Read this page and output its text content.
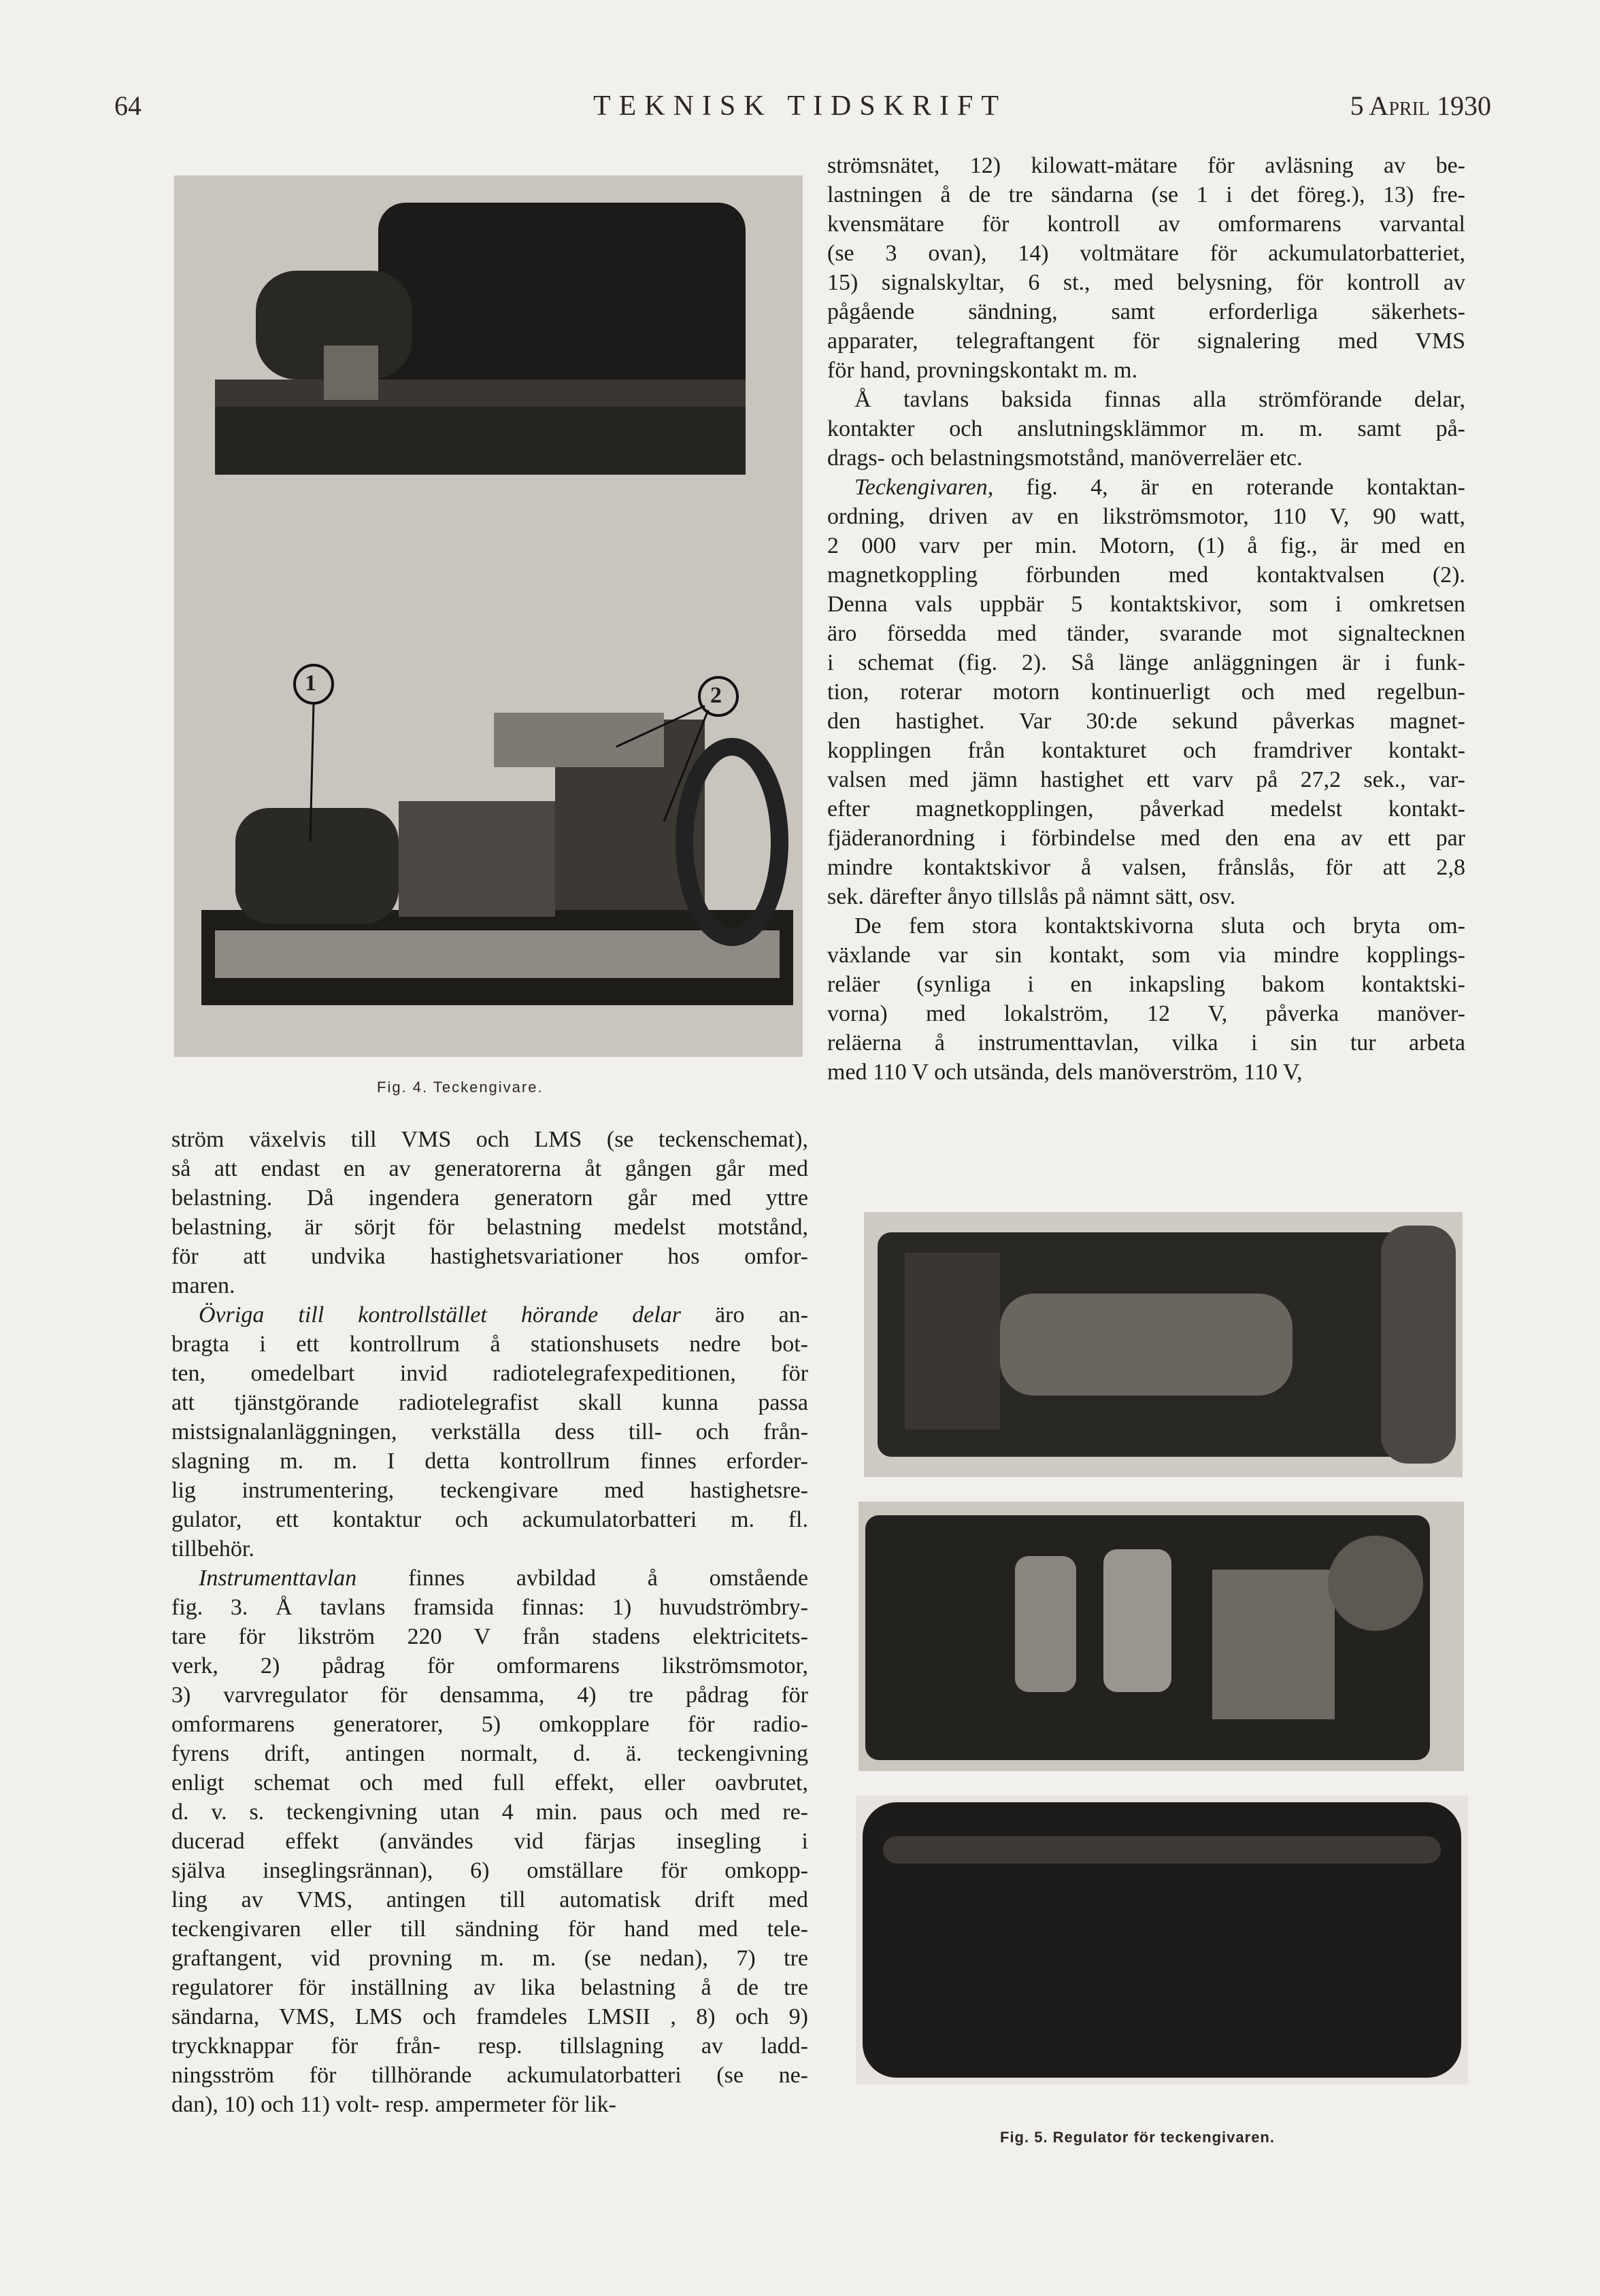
64	TEKNISK TIDSKRIFT	5 April 1930
1	2
Fig. 4. Teckengivare.
Fig. 5. Regulator för teckengivaren.
ström växelvis till VMS och LMS (se teckenschemat),
så att endast en av generatorerna åt gången går med
belastning. Då ingendera generatorn går med yttre
belastning, är sörjt för belastning medelst motstånd,
för att undvika hastighetsvariationer hos omfor-
maren.
Övriga till kontrollstället hörande delar äro an-
bragta i ett kontrollrum å stationshusets nedre bot-
ten, omedelbart invid radiotelegrafexpeditionen, för
att tjänstgörande radiotelegrafist skall kunna passa
mistsignalanläggningen, verkställa dess till- och från-
slagning m. m. I detta kontrollrum finnes erforder-
lig instrumentering, teckengivare med hastighetsre-
gulator, ett kontaktur och ackumulatorbatteri m. fl.
tillbehör.
Instrumenttavlan finnes avbildad å omstående
fig. 3. Å tavlans framsida finnas: 1) huvudströmbry-
tare för likström 220 V från stadens elektricitets-
verk, 2) pådrag för omformarens likströmsmotor,
3) varvregulator för densamma, 4) tre pådrag för
omformarens generatorer, 5) omkopplare för radio-
fyrens drift, antingen normalt, d. ä. teckengivning
enligt schemat och med full effekt, eller oavbrutet,
d. v. s. teckengivning utan 4 min. paus och med re-
ducerad effekt (användes vid färjas insegling i
själva inseglingsrännan), 6) omställare för omkopp-
ling av VMS, antingen till automatisk drift med
teckengivaren eller till sändning för hand med tele-
graftangent, vid provning m. m. (se nedan), 7) tre
regulatorer för inställning av lika belastning å de tre
sändarna, VMS, LMS och framdeles LMSII , 8) och 9)
tryckknappar för från- resp. tillslagning av ladd-
ningsström för tillhörande ackumulatorbatteri (se ne-
dan), 10) och 11) volt- resp. ampermeter för lik-
strömsnätet, 12) kilowatt-mätare för avläsning av be-
lastningen å de tre sändarna (se 1 i det föreg.), 13) fre-
kvensmätare för kontroll av omformarens varvantal
(se 3 ovan), 14) voltmätare för ackumulatorbatteriet,
15) signalskyltar, 6 st., med belysning, för kontroll av
pågående sändning, samt erforderliga säkerhets-
apparater, telegraftangent för signalering med VMS
för hand, provningskontakt m. m.
Å tavlans baksida finnas alla strömförande delar,
kontakter och anslutningsklämmor m. m. samt på-
drags- och belastningsmotstånd, manöverreläer etc.
Teckengivaren, fig. 4, är en roterande kontaktan-
ordning, driven av en likströmsmotor, 110 V, 90 watt,
2 000 varv per min. Motorn, (1) å fig., är med en
magnetkoppling förbunden med kontaktvalsen (2).
Denna vals uppbär 5 kontaktskivor, som i omkretsen
äro försedda med tänder, svarande mot signaltecknen
i schemat (fig. 2). Så länge anläggningen är i funk-
tion, roterar motorn kontinuerligt och med regelbun-
den hastighet. Var 30:de sekund påverkas magnet-
kopplingen från kontakturet och framdriver kontakt-
valsen med jämn hastighet ett varv på 27,2 sek., var-
efter magnetkopplingen, påverkad medelst kontakt-
fjäderanordning i förbindelse med den ena av ett par
mindre kontaktskivor å valsen, frånslås, för att 2,8
sek. därefter ånyo tillslås på nämnt sätt, osv.
De fem stora kontaktskivorna sluta och bryta om-
växlande var sin kontakt, som via mindre kopplings-
reläer (synliga i en inkapsling bakom kontaktski-
vorna) med lokalström, 12 V, påverka manöver-
reläerna å instrumenttavlan, vilka i sin tur arbeta
med 110 V och utsända, dels manöverström, 110 V,
